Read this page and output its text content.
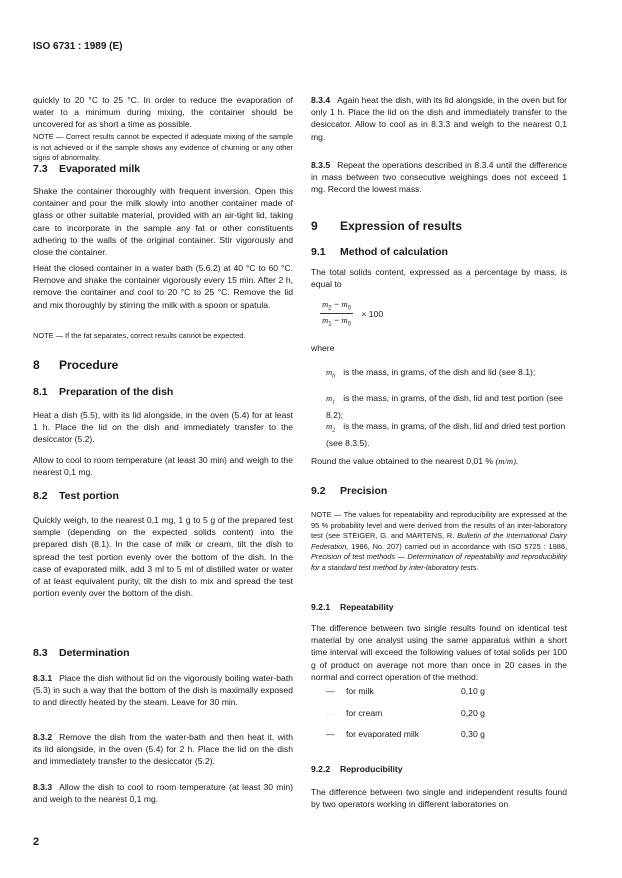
ISO 6731 : 1989 (E)

quickly to 20 °C to 25 °C. In order to reduce the evaporation of water to a minimum during mixing, the container should be uncovered for as short a time as possible.

NOTE — Correct results cannot be expected if adequate mixing of the sample is not achieved or if the sample shows any evidence of churning or any other signs of abnormality.

7.3 Evaporated milk

Shake the container thoroughly with frequent inversion. Open this container and pour the milk slowly into another container made of glass or other suitable material, provided with an air-tight lid, taking care to incorporate in the sample any fat or other constituents adhering to the walls of the original container. Stir vigorously and close the container.

Heat the closed container in a water bath (5.6.2) at 40 °C to 60 °C. Remove and shake the container vigorously every 15 min. After 2 h, remove the container and cool to 20 °C to 25 °C. Remove the lid and mix thoroughly by stirring the milk with a spoon or spatula.

NOTE — If the fat separates, correct results cannot be expected.

8 Procedure
8.1 Preparation of the dish

Heat a dish (5.5), with its lid alongside, in the oven (5.4) for at least 1 h. Place the lid on the dish and immediately transfer to the desiccator (5.2).

Allow to cool to room temperature (at least 30 min) and weigh to the nearest 0,1 mg.

8.2 Test portion

Quickly weigh, to the nearest 0,1 mg, 1 g to 5 g of the prepared test sample (depending on the expected solids content) into the prepared dish (8.1). In the case of milk or cream, tilt the dish to spread the test portion evenly over the bottom of the dish. In the case of evaporated milk, add 3 ml to 5 ml of distilled water or water of at least equivalent purity, tilt the dish to mix and spread the test portion evenly over the bottom of the dish.

8.3 Determination

8.3.1 Place the dish without lid on the vigorously boiling water-bath (5.3) in such a way that the bottom of the dish is maximally exposed to and directly heated by the steam. Leave for 30 min.

8.3.2 Remove the dish from the water-bath and then heat it, with its lid alongside, in the oven (5.4) for 2 h. Place the lid on the dish and immediately transfer to the desiccator (5.2).

8.3.3 Allow the dish to cool to room temperature (at least 30 min) and weigh to the nearest 0,1 mg.

2

8.3.4 Again heat the dish, with its lid alongside, in the oven but for only 1 h. Place the lid on the dish and immediately transfer to the desiccator. Allow to cool as in 8.3.3 and weigh to the nearest 0,1 mg.

8.3.5 Repeat the operations described in 8.3.4 until the difference in mass between two consecutive weighings does not exceed 1 mg. Record the lowest mass.

9 Expression of results
9.1 Method of calculation

The total solids content, expressed as a percentage by mass, is equal to

$\frac{m_2 - m_0}{m_1 - m_0} \times 100$

where

$m_0$ is the mass, in grams, of the dish and lid (see 8.1);
$m_1$ is the mass, in grams, of the dish, lid and test portion (see 8.2);
$m_2$ is the mass, in grams, of the dish, lid and dried test portion (see 8.3.5).

Round the value obtained to the nearest 0,01 % (m/m).

9.2 Precision

NOTE — The values for repeatability and reproducibility are expressed at the 95 % probability level and were derived from the results of an inter-laboratory test (see STEIGER, G. and MARTENS, R. Bulletin of the International Dairy Federation, 1986, No. 207) carried out in accordance with ISO 5725 : 1986, Precision of test methods — Determination of repeatability and reproducibility for a standard test method by inter-laboratory tests.

9.2.1 Repeatability

The difference between two single results found on identical test material by one analyst using the same apparatus within a short time interval will exceed the following values of total solids per 100 g of product on average not more than once in 20 cases in the normal and correct operation of the method:

— for milk	0,10 g
— for cream	0,20 g
— for evaporated milk	0,30 g
9.2.2 Reproducibility

The difference between two single and independent results found by two operators working in different laboratories on
